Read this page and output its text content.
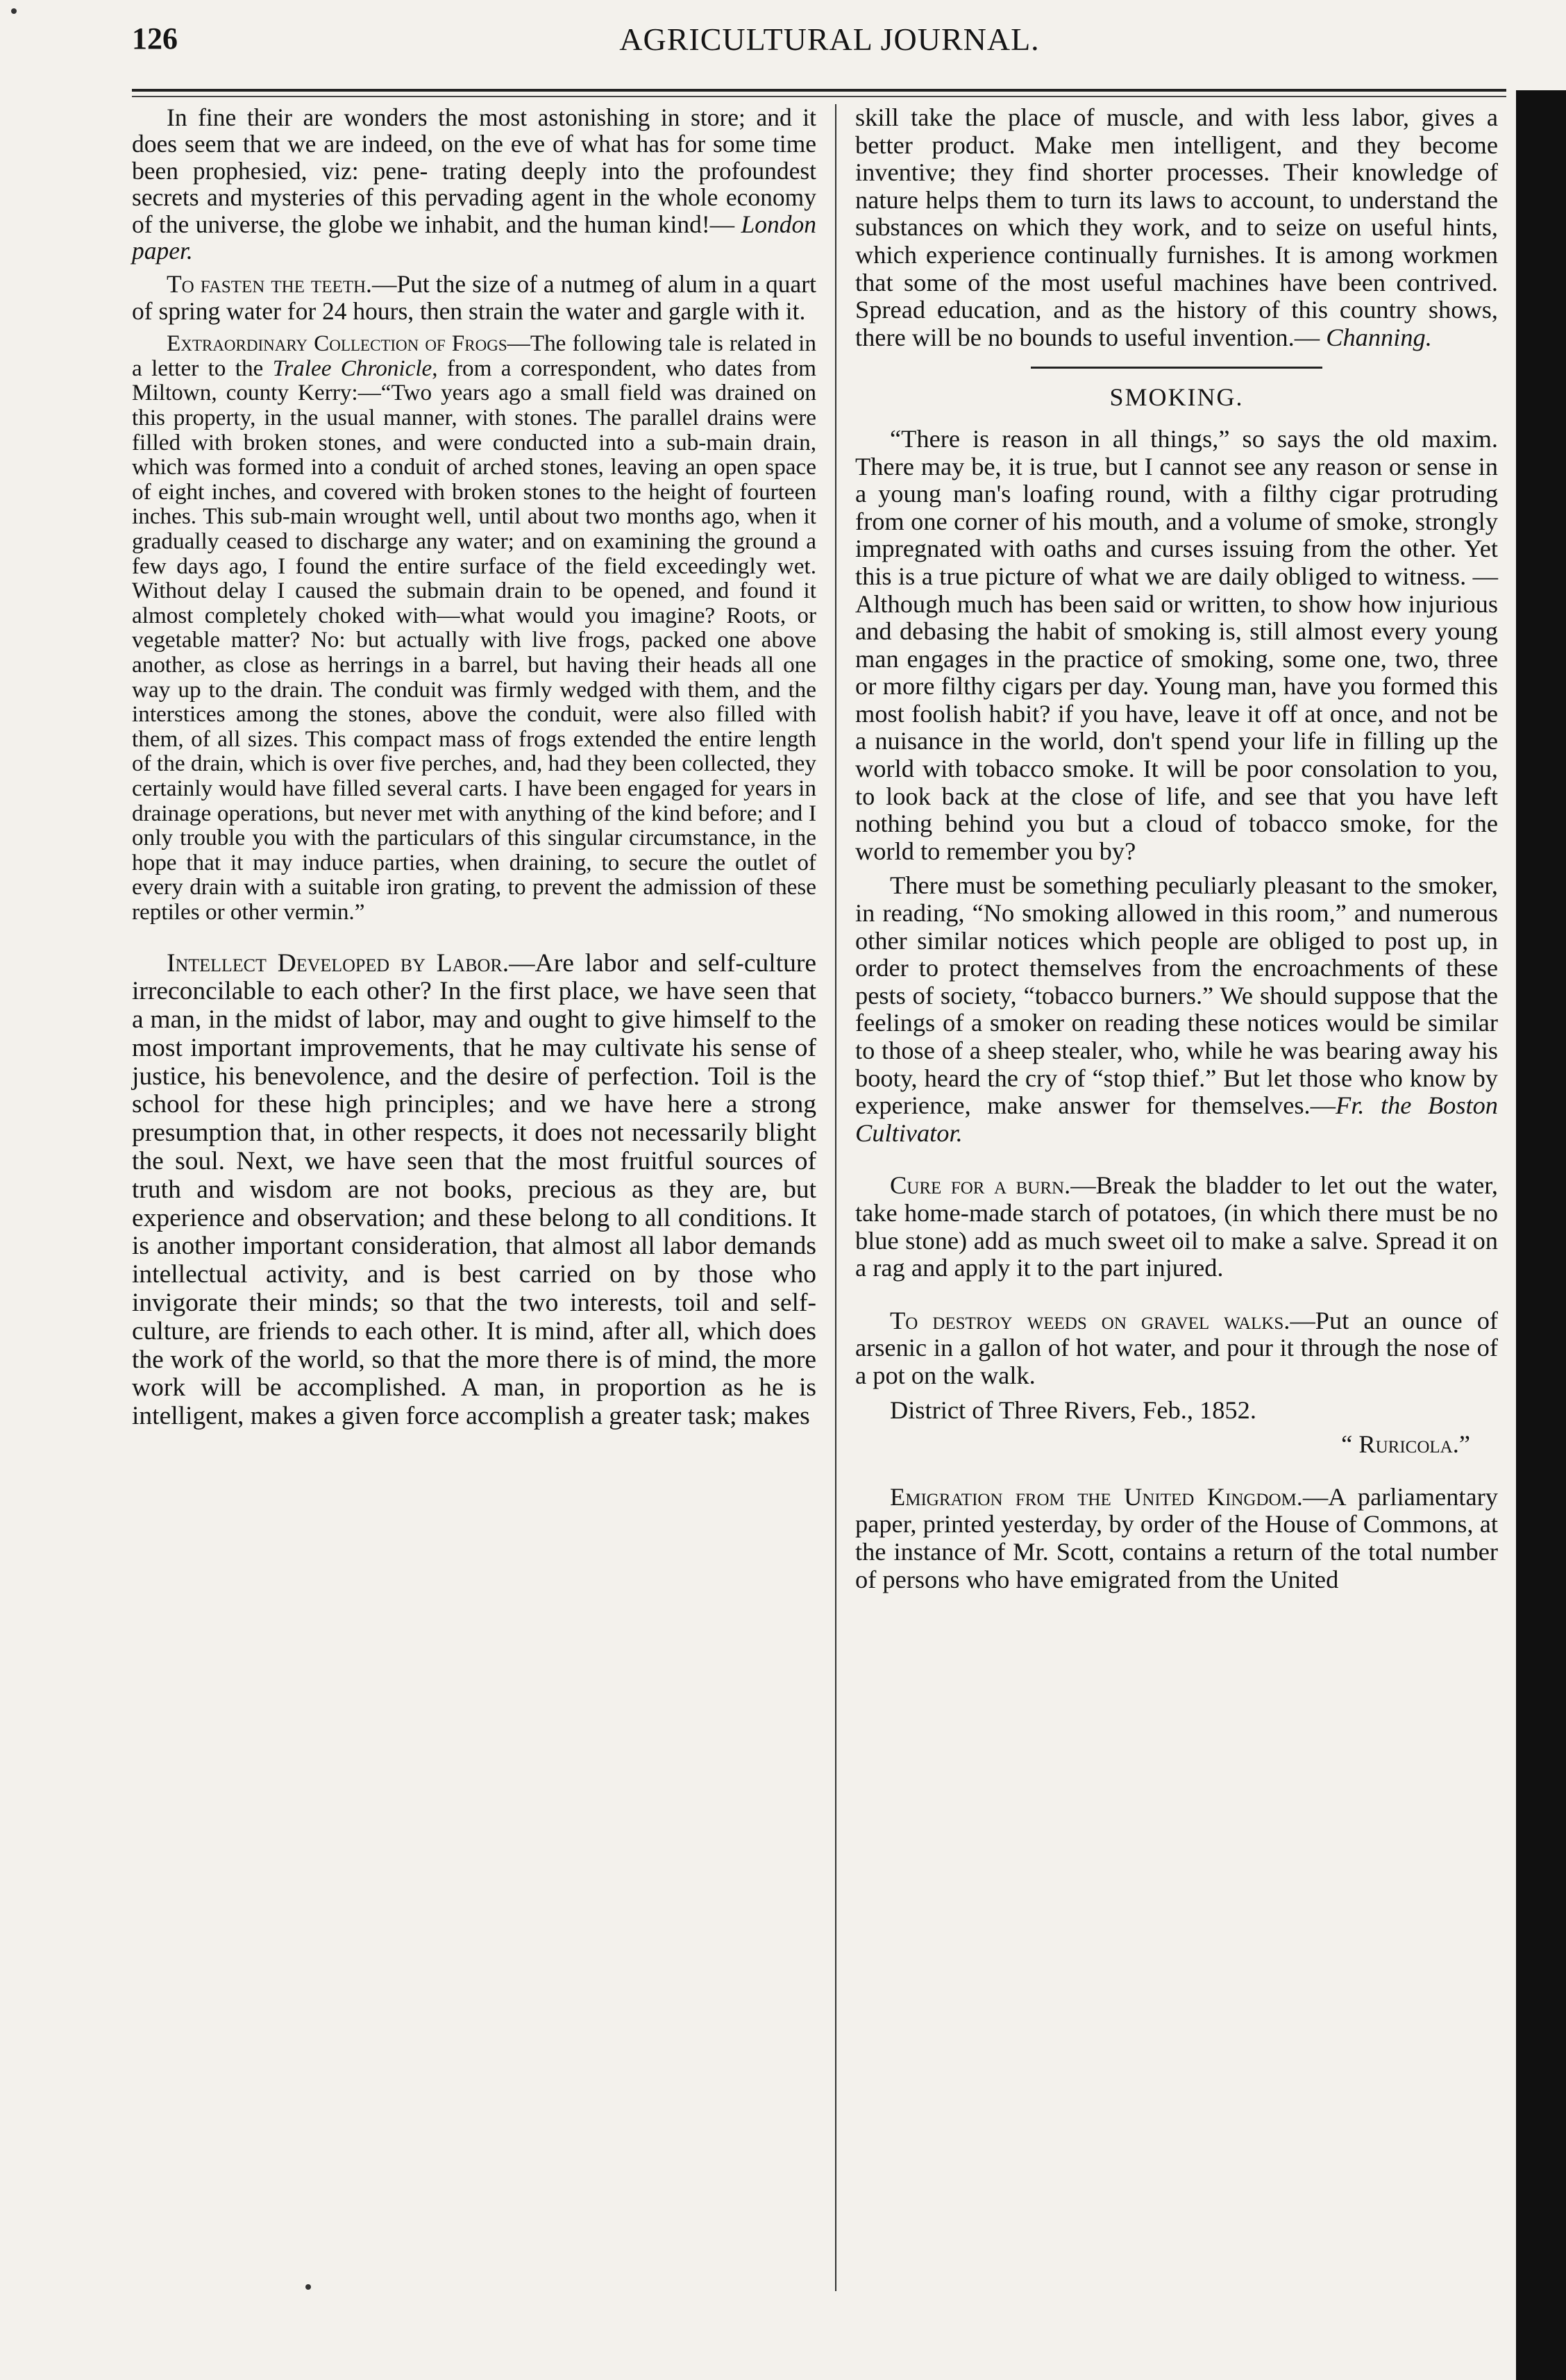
126	AGRICULTURAL JOURNAL.

In fine their are wonders the most astonishing in store; and it does seem that we are indeed, on the eve of what has for some time been prophesied, viz: pene- trating deeply into the profoundest secrets and mysteries of this pervading agent in the whole economy of the universe, the globe we inhabit, and the human kind!— London paper.

To fasten the teeth.—Put the size of a nutmeg of alum in a quart of spring water for 24 hours, then strain the water and gargle with it.

Extraordinary Collection of Frogs—The following tale is related in a letter to the Tralee Chronicle, from a correspondent, who dates from Miltown, county Kerry:—“Two years ago a small field was drained on this property, in the usual manner, with stones. The parallel drains were filled with broken stones, and were conducted into a sub-main drain, which was formed into a conduit of arched stones, leaving an open space of eight inches, and covered with broken stones to the height of fourteen inches. This sub-main wrought well, until about two months ago, when it gradually ceased to discharge any water; and on examining the ground a few days ago, I found the entire surface of the field exceedingly wet. Without delay I caused the submain drain to be opened, and found it almost completely choked with—what would you imagine? Roots, or vegetable matter? No: but actually with live frogs, packed one above another, as close as herrings in a barrel, but having their heads all one way up to the drain. The conduit was firmly wedged with them, and the interstices among the stones, above the conduit, were also filled with them, of all sizes. This compact mass of frogs extended the entire length of the drain, which is over five perches, and, had they been collected, they certainly would have filled several carts. I have been engaged for years in drainage operations, but never met with anything of the kind before; and I only trouble you with the particulars of this singular circumstance, in the hope that it may induce parties, when draining, to secure the outlet of every drain with a suitable iron grating, to prevent the admission of these reptiles or other vermin.”

Intellect Developed by Labor.—Are labor and self-culture irreconcilable to each other? In the first place, we have seen that a man, in the midst of labor, may and ought to give himself to the most important improvements, that he may cultivate his sense of justice, his benevolence, and the desire of perfection. Toil is the school for these high principles; and we have here a strong presumption that, in other respects, it does not necessarily blight the soul. Next, we have seen that the most fruitful sources of truth and wisdom are not books, precious as they are, but experience and observation; and these belong to all conditions. It is another important consideration, that almost all labor demands intellectual activity, and is best carried on by those who invigorate their minds; so that the two interests, toil and self-culture, are friends to each other. It is mind, after all, which does the work of the world, so that the more there is of mind, the more work will be accomplished. A man, in proportion as he is intelligent, makes a given force accomplish a greater task; makes

skill take the place of muscle, and with less labor, gives a better product. Make men intelligent, and they become inventive; they find shorter processes. Their knowledge of nature helps them to turn its laws to account, to understand the substances on which they work, and to seize on useful hints, which experience continually furnishes. It is among workmen that some of the most useful machines have been contrived. Spread education, and as the history of this country shows, there will be no bounds to useful invention.— Channing.

SMOKING.

“There is reason in all things,” so says the old maxim. There may be, it is true, but I cannot see any reason or sense in a young man's loafing round, with a filthy cigar protruding from one corner of his mouth, and a volume of smoke, strongly impregnated with oaths and curses issuing from the other. Yet this is a true picture of what we are daily obliged to witness. —Although much has been said or written, to show how injurious and debasing the habit of smoking is, still almost every young man engages in the practice of smoking, some one, two, three or more filthy cigars per day. Young man, have you formed this most foolish habit? if you have, leave it off at once, and not be a nuisance in the world, don't spend your life in filling up the world with tobacco smoke. It will be poor consolation to you, to look back at the close of life, and see that you have left nothing behind you but a cloud of tobacco smoke, for the world to remember you by?

There must be something peculiarly pleasant to the smoker, in reading, “No smoking allowed in this room,” and numerous other similar notices which people are obliged to post up, in order to protect themselves from the encroachments of these pests of society, “tobacco burners.” We should suppose that the feelings of a smoker on reading these notices would be similar to those of a sheep stealer, who, while he was bearing away his booty, heard the cry of “stop thief.” But let those who know by experience, make answer for themselves.—Fr. the Boston Cultivator.

Cure for a burn.—Break the bladder to let out the water, take home-made starch of potatoes, (in which there must be no blue stone) add as much sweet oil to make a salve. Spread it on a rag and apply it to the part injured.

To destroy weeds on gravel walks.—Put an ounce of arsenic in a gallon of hot water, and pour it through the nose of a pot on the walk.

District of Three Rivers, Feb., 1852.

“ Ruricola.”

Emigration from the United Kingdom.—A parliamentary paper, printed yesterday, by order of the House of Commons, at the instance of Mr. Scott, contains a return of the total number of persons who have emigrated from the United
